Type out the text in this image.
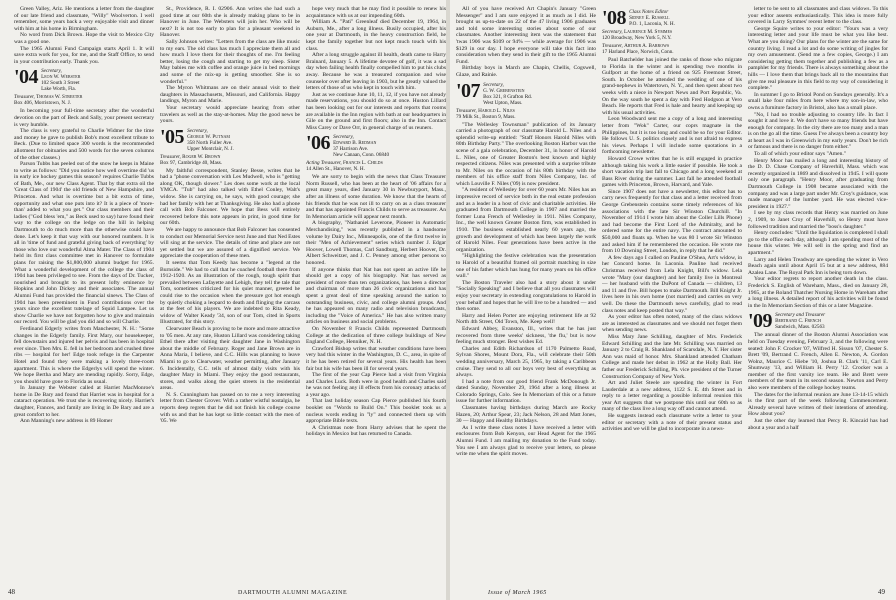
Green Valley, Ariz. He mentions a letter from the daughter of our late friend and classmate, "Willy" Woolverton. I well remember, some years back a very enjoyable visit and dinner with him at his home in Birmingham.

No word from Dick Brown. Hope the visit to Mexico City was a good one.

The 1965 Alumni Fund Campaign starts April 1. It will save extra work for you, for me, and the Staff Office, to send in your contribution early. Thank you.

'04 Secretary,
Leon W. Webster
102 South 3 Street
Lake Worth, Fla.
Treasurer, Thomas W. Streeter
Box 406, Morristown, N. J.

In becoming your full-time secretary after the wonderful devotion on the part of Beck and Sally, your present secretary is very humble.

The class is very grateful to Charlie Widmer for the time and money he gave to publish Bob's most excellent tribute to Beck. (Due to limited space 300 words is the recommended allotment for obituaries and 500 words for the seven columns of the other classes.)

Parson Tubbs has peeled out of the snow he keeps in Maine to write as follows: "Did you notice how well overtime did 'us in early ice hockey games this season? requires Charlie Tubbs of Bath, Me., our new Class Agent. That by that extra oil the 'Great Class of 1904' the old friends of New Hampshire, and Princeton. And what is overtime but a bit extra of time, opportunity and what one puts into it? It is a piece of 'more-than' added to what you get." Our class members and their ladies ("God bless 'em," as Beck used to say) have found their way to the college on the ledge on the hill in helping Dartmouth to do much more than the otherwise could have done. Let's keep it that way with our honored numbers. It is all in 'time of fund and grateful giving back of everything' by those who love our wonderful Alma Mater. The Class of 1904 held its first class committee met in Hanover to formulate plans for raising the $1,800,000 alumni budget for 1965. What a wonderful development of the college the class of 1904 has been privileged to see. From the days of Dr. Tucker, nourished and brought to its present lofty eminence by Hopkins and John Dickey and their associates. The annual Alumni Fund has provided the financial sinews. The Class of 1904 has been preeminent in Fund contributions over the years since the excellent tutelage of Squid Lampee. Let us show Charlie we have not forgotten how to give and maintain our record. You will be glad you did and so will Charlie.

Ferdinand Edgerly writes from Manchester, N. H.: "Some changes in the Edgerly family. First Mary, our housekeeper, fell downstairs and injured her pelvis and has been in hospital ever since. Then Mrs. E. fell in her bedroom and crushed three ribs — hospital for her! Edge took refuge in the Carpenter Hotel and found they were making a lovely three-room apartment. This is where the Edgerlys will spend the winter. We hope Bertha and Mary are mending rapidly. Sorry, Edge, you should have gone to Florida as usual.

In January the Webster called at Harriet MacMonroe's home in De Bary and found that Harriet was in hospital for a cataract operation. We trust she is recovering nicely. Harriet's daughter, Frances, and family are living in De Bary and are a great comfort to her.

Ann Manning's new address is 89 Homer

St., Providence, R. I. 02906. Ann writes she had such a good time at our 60th she is already making plans to be in Hanover in June. The Websters will join her. Who will be next? It is not too early to plan for a pleasant weekend in Hanover.

Sally Johnson writes: "Letters from the class are like music to my ears. The old class has much I appreciate them all and how much I love them for their thoughts of me. I'm feeling better, losing the cough and starting to get my sleep. Sister May babies me with coffee and orange juice in bed mornings and some of the mix-up is getting smoother. She is so wonderful."

The Myron Whitmans are on their annual visit to their daughters in Massachusetts, Missouri, and California. Happy landings, Myron and Marie.

Your secretary would appreciate hearing from other travelers as well as the stay-at-homes. May the good news be yours.

'05 Secretary,
George W. Putnam
358 North Fuller Ave.
Upper Montclair, N. J.
Treasurer, Roger W. Brown
Box 97, Cambridge 40, Mass.

My faithful correspondent, Stanley Besse, writes that he had a "phone conversation with Les Mudwell, who is "getting along OK, though slower." Les does some work at the local YMCA. "Tub" had also talked with Ethel Conley, Walt's widow. She is carrying on, he says, with good courage; she had her family with her at Thanksgiving. He also had a phone call with Bob Falconer. We hope that Bess will entirely recovered before this note appears in print, in good time for our 60th.

We are happy to announce that Bob Falconer has consented to conduct our Memorial Service next June and that Ned Estes will sing at the service. The details of time and place are not yet settled but we are assured of a dignified service. We appreciate the cooperation of these men.

It seems that Tom Keedy has become a "legend at the Burnside." We had to call that he coached football there from 1912-1920. As an illustration of the rough, tough spirit that prevailed between Lafayette and Lehigh, they tell the tale that Tom, sometimes criticized for his quiet manner, greeted he could rise to the occasion when the pressure got hot enough by quietly choking a leopard to death and flinging the carcass at the feet of his players. We are indebted to Rita Keady, widow of Walter Keady '34, son of our Tom, cited in Sports Illustrated, for this story.

Clearwater Beach is proving to be more and more attractive to '05 men. At any rate, Huston Lillard was considering taking Ethel there after visiting their daughter Jane in Washington about the middle of February. Roger and Jane Brown are in Anna Maria, I believe, and C.C. Hills was planning to leave Miami to go to Clearwater, weather permitting, after January 6. Incidentally, C.C. tells of almost daily visits with his daughter Mary in Miami. They enjoy the good restaurants, stores, and walks along the quiet streets in the residential areas.

N. S. Cunningham has passed on to me a very interesting letter from Chester Grover. With a rather wistful nostalgia, he reports deep regrets that he did not finish his college course with us and that he has kept so little contact with the men of '05. We

hope very much that he may find it possible to renew his acquaintance with us at our impending 60th.

William A. "Pati" Greenleaf died December 19, 1964, in Auburn, Me., after a long illness. Busily occupied, after his one year at Dartmouth, in the heavy construction field, he kept the family together but not kept much touch with his class.

After a long struggle against ill health, death came to Harry Brainard, January 5. A lifetime devotee of golf, it was a sad day when failing health finally compelled him to put his clubs away. Because he was a treasured companion and wise counselor over after leaving in 1903, but he greatly valued the letters of those of us who kept in touch with him.

Just as we continue June 10, 11, 12, if you have not already made reservations, you should do so at once. Huston Lillard has been looking out for our interests and reports that rooms are available in the Inn region with bath at our headquarters in Gile on the ground and first floors; also in the Inn. Contact Miss Carey or Dave Orr, in general charge of us reuners.

'06 Secretary,
Edward B. Redman
37 Harrison Ave.
New Canaan, Conn. 06840
Acting Treasurer, Francis L. Childs
14 Allen St., Hanover, N. H.

We are sorry to begin with the news that Class Treasurer Norm Russell, who has been at the heart of '06 affairs for a great many years, died January 30 in Newburyport, Mass., after an illness of some duration. We know that the hearts of his friends that he was not ill to carry on as a class treasurer and that has appointed Francis Childs to serve as treasurer. An In Memoriam article will appear next month.

A biography, "Nathaniel Leverone, Pioneer in Automatic Merchandising," was recently published in a handsome volume by Dairy Inc., Minneapolis, one of the first twelve in their "Men of Achievement" series which number J. Edgar Hoover, Lowell Thomas, Carl Sandburg, Herbert Hoover, Dr. Albert Schweitzer, and J. C. Penney among other persons so honored.

If anyone thinks that Nat has not spent an active life he should get a copy of his biography. Nat has served as president of more than ten organizations, has been a director and chairman of more than 26 civic organizations and has spent a great deal of time speaking around the nation to outstanding business, civic, and college alumni groups. And he has appeared on many radio and television broadcasts, including the "Voice of America." He has also written many articles on business and social problems.

On November 8 Francis Childs represented Dartmouth College at the dedication of three college buildings of New England College, Henniker, N. H.

Crawford Bishop writes that weather conditions have been very bad this winter in the Washington, D. C., area, in spite of it he has been retired for several years. His health has been fair but his wife has been ill for several years.

The first of the year Cap Pierce had a visit from Virginia and Charles Luck. Both were in good health and Charles said he was not feeling any ill effects from his coronary attacks of a year ago.

That last holiday season Cap Pierce published his fourth booklet on "Words to Build On." This booklet took us a nucleus words ending in "ly" and connected them up with appropriate Bible texts.

A Christmas note from Harry advises that he spent the holidays in Mexico but has returned to Canada.

48	DARTMOUTH ALUMNI MAGAZINE

All of you have received Art Chapin's January "Green Messenger" and I am sure enjoyed it as much as I did. He brought us up-to-date on 22 of the 47 living 1906 graduates and told some interesting stories about some of our classmates. Another interesting item was the statement that 'twas 1906 was $109 or 94% — while average for 1906 was $129 in our day. I hope everyone will take this fact into consideration when they send in their gift to the 1965 Alumni Fund.

Birthday boys in March are Chapin, Chellis, Cogswell, Glaze, and Rainie.

'07 Secretary,
G. W. Grebenstein
Box 321, 8 Grafton Rd.
West Upton, Mass.
Treasurer, Harold L. Niles
79 Milk St., Boston 9, Mass.

"The Wellesley Townsman" publication of its January carried a photograph of our classmate Harold L. Niles and a splendid write-up entitled: "Staff Honors Harold Niles with 80th Birthday Party." The overlooking Boston Harbor was the scene of a gala celebration, December 31, in honor of Harold L. Niles, one of Greater Boston's best known and highly respected citizens. Niles was presented with a surprise tribute to Mr. Niles on the occasion of his 80th birthday with the members of his office staff from Niles Company, Inc. of which Louville F. Niles ('09) is now president.

"A resident of Wellesley for over 60 years Mr. Niles has an impressive record of service both in the real estate profession and as a leader in a host of civic and charitable activities. He graduated from Dartmouth College in 1907 and married the former Luna French of Wellesley in 1911. Niles Company, Inc., the well known Greater Boston firm, was established in 1910. The business established nearly 60 years ago, the growth and development of which has been largely the work of Harold Niles. Four generations have been active in the organization.

"Highlighting the festive celebration was the presentation to Harold of a beautiful framed oil portrait matching in size one of his father which has hung for many years on his office wall."

The Boston Traveler also had a story about it under "Socially Speaking" and I believe that all you classmates will enjoy your secretary in extending congratulations to Harold in your behalf and hopes that he will live to be a hundred — and then some.

Harry and Helen Porter are enjoying retirement life at 92 North 4th Street, Old Town, Me. Keep well!

Edward Abbey, Evanston, Ill., writes that he has just recovered from three weeks' sickness, 'the flu,' but is now feeling much stronger. Best wishes Ed.

Charles and Edith Richardson of 1170 Palmetto Road, Sylvan Shores, Mount Dora, Fla., will celebrate their 50th wedding anniversary, March 25, 1965, by taking a Caribbean cruise. They send to all our boys very best of everything as always.

I had a note from our good friend Frank McDonough Jr. dated Sunday, November 29, 1964 after a long illness at Colorado Springs, Colo. See In Memoriam of this or a future issue for further information.

Classmates having birthdays during March are Rocky Hazen, 20; Arthur Spear, 23; Jack Nelson, 28 and Matt Jones, 30 — Happy and Healthy Birthdays.

As I write these class notes I have received a letter with enclosures from Bob Kenyon, our Head Agent for the 1965 Alumni Fund. I am mailing my donation to the Fund today. You see I am always glad to receive your letters, so please write me when the spirit moves.

'08 Class Notes Editor
Sidney E. Russell
P.O. 1, Laconia, N. H.
Secretary, Laurence M. Symmes
120 Broadway, New York 5, N.Y.
Treasurer, Arthur A. Barrows
17 Harland Place, Norwich, Conn.

Paul Batchelder has joined the ranks of those who migrate to Florida in the winter and is spending two months in Gulfport at the home of a friend on 925 Freemont Street, South. In October he attended the wedding of one of his grand-nephews in Watertown, N. Y., and then spent about two weeks with a niece in Newport News and Port Republic, Va. On the way south he spent a day with Fred Hodgson at Vero Beach. He reports that Fred is hale and hearty and keeping up with his usual activities.

Leon Woodward sent me a copy of a long and interesting letter from "Wok" Carter, our coprs magnate in the Philippines, but it is too long and could be so for your Editor. He follows U. S. politics closely and is not afraid to express his views. Perhaps I will include some quotations in a forthcoming newsletter.

Howard Crowe writes that he is still engaged in practice although taking his work a little easier if possible. He took a short vacation trip last fall to Chicago and a long weekend at Bass River during the summer. Last fall he attended football games with Princeton, Brown, Harvard, and Yale.

Since 1907 does not have a newsletter, this editor has to carry news frequently for that class and a letter received from George Grebenstein contains some timely references of his associations with the late Sir Winston Churchill. "In November of 1914 I wrote him about the Coller Lills Phone) and had become the First Lord of the Admiralty, and he ordered some for the entire navy. The contract amounted to $50,000 and floats up. When he was 80 I wrote Sir Winston and asked him if he remembered the occasion. He wrote me from 10 Downing Street, London, in reply that he did."

A few days ago I called on Pauline O'Shea, Art's widow, in her Concord home. In Laconia. Pauline had received Christmas received from Lela Knight, Bill's widow. Lela wrote "Mary (our daughter) and her family live in Montreal — her husband with the DuPont of Canada — children, 13 and 11 and five. Bill hopes to make Dartmouth. Bill Knight Jr. lives here in his own home (not married) and carries on very well. Do these the Dartmouth news carefully, glad to read class notes and keep posted that way."

As your editor has often noted, many of the class widows are as interested as classmates and we should not forget them when sending news.

Miss Mary Jane Schilling, daughter of Mrs. Frederick Edward Schilling and the late Mr. Schilling was married on January 2 to Craig R. Shankland of Scarsdale, N. Y. Her sister Ann was maid of honor. Mrs. Shankland attended Chatham College and made her debut in 1962 at the Holly Ball. Her father our Frederick Schilling, Ph. vice president of the Turner Construction Company of New York.

Art and Juliet Steele are spending the winter in Fort Lauderdale at a new address, 1122 S. E. 4th Street and in reply to a letter regarding a possible informal reunion this year Art suggests that we postpone this until our 60th so as many of the class live a long way off and cannot attend.

He suggests instead each classmate write a letter to your editor or secretary with a note of their present status and activities and we will be glad to incorporate in a news-

letter to be sent to all classmates and class widows. To this your editor assents enthusiastically. This idea is more fully covered in Larry Symmes' recent letter to the class.

George Squire writes to your editor: "Yours was a very interesting letter and your life must be what you like best. What are you doing? Our plans for the winter are the same for country living. I read a lot and do some writing of jingles for my own amusement. (Send me a few copies, George.) I am considering getting them together and publishing a few as a pamphlet for my friends. There is always something about the hills — I love them that brings back all to the mountains that give me real pleasure in this field to my way of considering it complete."

In summer I go to Bristol Pond on Sundays generally. It's a small lake four miles from here where my son-in-law, who owns a furniture factory in Bristol, also has a small place.

"No, I had no trouble adjusting to country life. In fact I sought it and love it. We don't have so many friends but have enough for company. In the city there are too many and a man is on the go all the time. Guess I've always been a country boy at heart as I was in Greenwich in my early years. Don't be rich or famous and there is no danger from either."

To all of which your editor says "Amen."

Henry Moor has mailed a long and interesting history of the D. D. Chase Company of Haverhill, Mass. which was recently organized in 1869 and dissolved in 1945. I will quote only one paragraph. "Henry Moor, after graduating from Dartmouth College in 1908 became associated with the company and was a large part under Mr. Croy's guidance, was made manager of the lumber yard. He was elected vice-president in 1927."

I see by my class records that Henry was married on June 2, 1909, to Janet Croy of Haverhill, so Henry must have followed tradition and married the "boss's daughter."

Henry concludes: "Until the liquidation is completed I shall go to the office each day, although I am spending most of the house this winter. We will sell in the spring and find an apartment."

Larry and Helen Treadway are spending the winter in Vero Beach again until about April 15 but at a new address, 884 Azalea Lane. The Royal Park Inn is being torn down.

Your editor regrets to report another death in the class. Frederick S. English of Wareham, Mass., died on January 28, 1965, at the Roland Thatcher Nursing Home in Wareham after a long illness. A detailed report of his activities will be found in the In Memoriam Section of this or a later Magazine.

'09 Secretary and Treasurer
Bertrand C. French
Sandwich, Mass. 02563

The annual dinner of the Boston Alumni Association was held on Tuesday evening, February 3, and the following were seated: John F. Crocker '07, Wilfred H. Sisson '07, Chester S. Brett '09, Bertrand C. French, Allen E. Newton, A. Gordon Wolnz, Maurice C. Hiebe '10, Joshua B. Clark '11, Carl E. Shumway '13, and William H. Perry '12. Crocker was a member of the first varsity ice team. He and Brett were members of the team in its second season. Newton and Perry also were members of the college hockey teams.

The dates for the informal reunion are June 13-14-15 which is the first part of the week following Commencement. Already several have written of their intentions of attending. How about you?

Just the other day learned that Percy R. Kincaid has had about a year and a half

Issue of March 1965	49
